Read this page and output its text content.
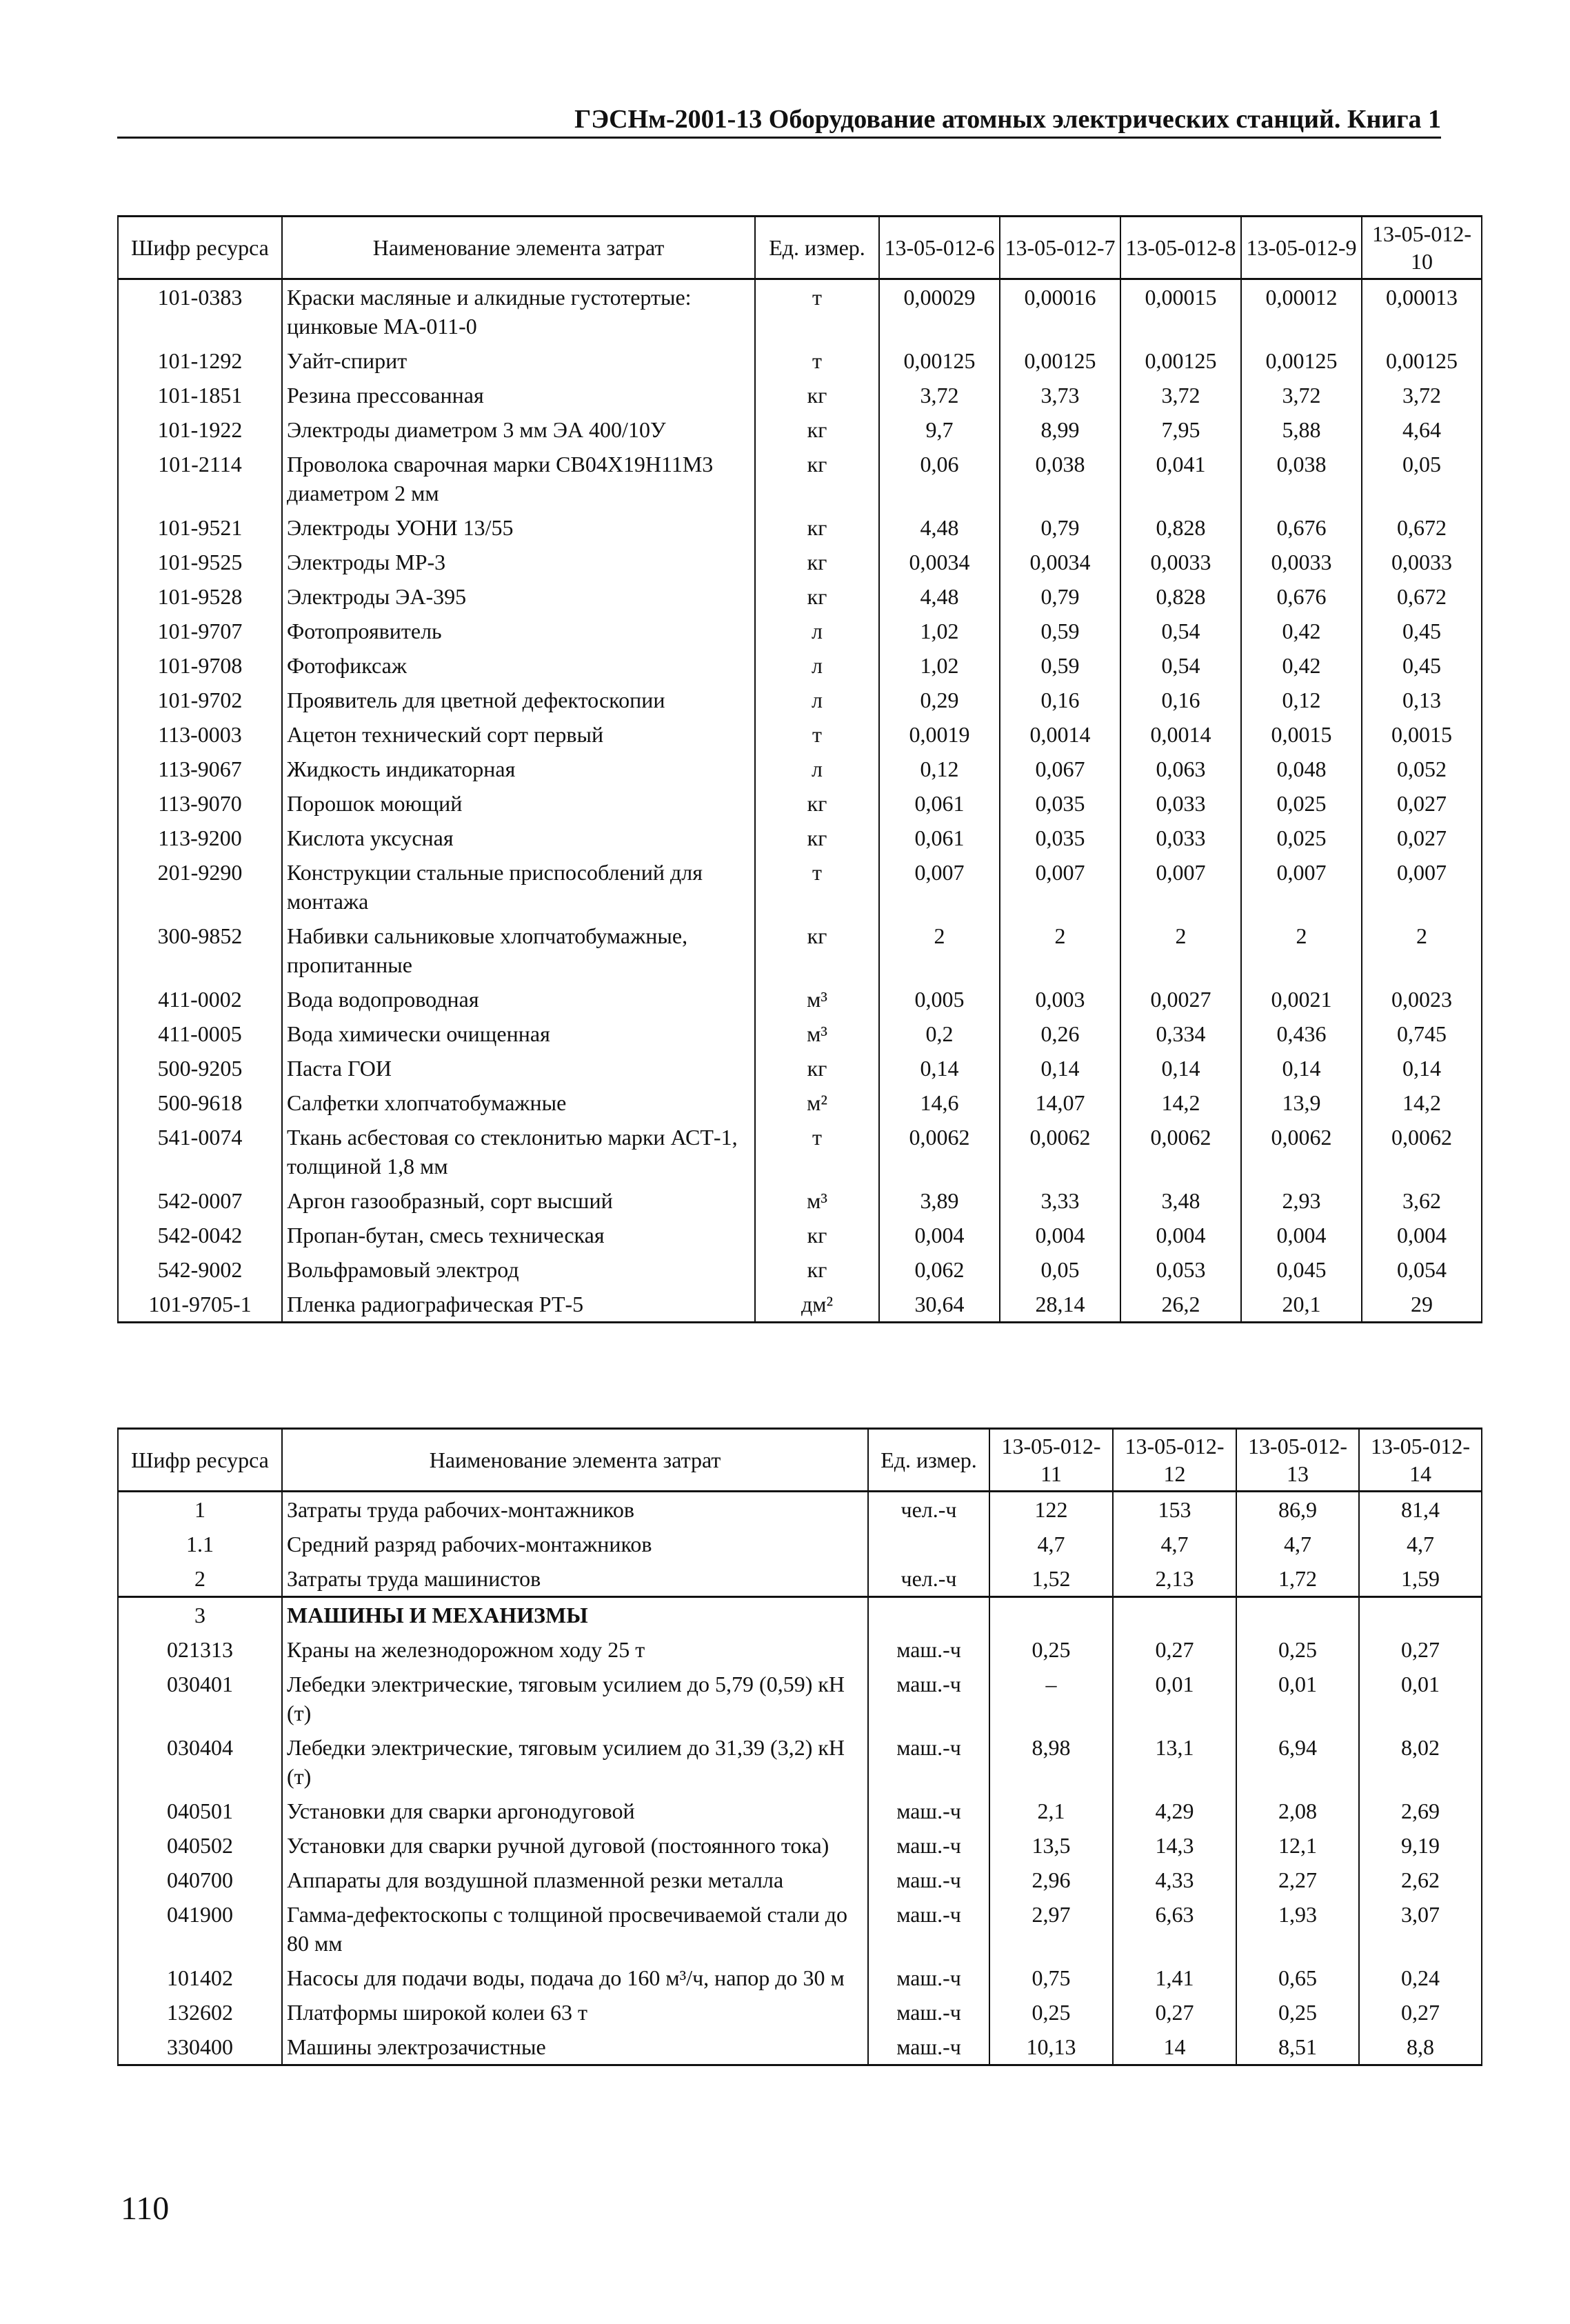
ГЭСНм-2001-13 Оборудование атомных электрических станций. Книга 1
Шифр ресурса	Наименование элемента затрат	Ед. измер.	13-05-012-6	13-05-012-7	13-05-012-8	13-05-012-9	13-05-012-10
101-0383	Краски масляные и алкидные густотертые: цинковые МА-011-0	т	0,00029	0,00016	0,00015	0,00012	0,00013
101-1292	Уайт-спирит	т	0,00125	0,00125	0,00125	0,00125	0,00125
101-1851	Резина прессованная	кг	3,72	3,73	3,72	3,72	3,72
101-1922	Электроды диаметром 3 мм ЭА 400/10У	кг	9,7	8,99	7,95	5,88	4,64
101-2114	Проволока сварочная марки СВ04Х19Н11М3 диаметром 2 мм	кг	0,06	0,038	0,041	0,038	0,05
101-9521	Электроды УОНИ 13/55	кг	4,48	0,79	0,828	0,676	0,672
101-9525	Электроды МР-3	кг	0,0034	0,0034	0,0033	0,0033	0,0033
101-9528	Электроды ЭА-395	кг	4,48	0,79	0,828	0,676	0,672
101-9707	Фотопроявитель	л	1,02	0,59	0,54	0,42	0,45
101-9708	Фотофиксаж	л	1,02	0,59	0,54	0,42	0,45
101-9702	Проявитель для цветной дефектоскопии	л	0,29	0,16	0,16	0,12	0,13
113-0003	Ацетон технический сорт первый	т	0,0019	0,0014	0,0014	0,0015	0,0015
113-9067	Жидкость индикаторная	л	0,12	0,067	0,063	0,048	0,052
113-9070	Порошок моющий	кг	0,061	0,035	0,033	0,025	0,027
113-9200	Кислота уксусная	кг	0,061	0,035	0,033	0,025	0,027
201-9290	Конструкции стальные приспособлений для монтажа	т	0,007	0,007	0,007	0,007	0,007
300-9852	Набивки сальниковые хлопчатобумажные, пропитанные	кг	2	2	2	2	2
411-0002	Вода водопроводная	м³	0,005	0,003	0,0027	0,0021	0,0023
411-0005	Вода химически очищенная	м³	0,2	0,26	0,334	0,436	0,745
500-9205	Паста ГОИ	кг	0,14	0,14	0,14	0,14	0,14
500-9618	Салфетки хлопчатобумажные	м²	14,6	14,07	14,2	13,9	14,2
541-0074	Ткань асбестовая со стеклонитью марки АСТ-1, толщиной 1,8 мм	т	0,0062	0,0062	0,0062	0,0062	0,0062
542-0007	Аргон газообразный, сорт высший	м³	3,89	3,33	3,48	2,93	3,62
542-0042	Пропан-бутан, смесь техническая	кг	0,004	0,004	0,004	0,004	0,004
542-9002	Вольфрамовый электрод	кг	0,062	0,05	0,053	0,045	0,054
101-9705-1	Пленка радиографическая РТ-5	дм²	30,64	28,14	26,2	20,1	29
Шифр ресурса	Наименование элемента затрат	Ед. измер.	13-05-012-11	13-05-012-12	13-05-012-13	13-05-012-14
1	Затраты труда рабочих-монтажников	чел.-ч	122	153	86,9	81,4
1.1	Средний разряд рабочих-монтажников		4,7	4,7	4,7	4,7
2	Затраты труда машинистов	чел.-ч	1,52	2,13	1,72	1,59
3	МАШИНЫ И МЕХАНИЗМЫ					
021313	Краны на железнодорожном ходу 25 т	маш.-ч	0,25	0,27	0,25	0,27
030401	Лебедки электрические, тяговым усилием до 5,79 (0,59) кН (т)	маш.-ч	–	0,01	0,01	0,01
030404	Лебедки электрические, тяговым усилием до 31,39 (3,2) кН (т)	маш.-ч	8,98	13,1	6,94	8,02
040501	Установки для сварки аргонодуговой	маш.-ч	2,1	4,29	2,08	2,69
040502	Установки для сварки ручной дуговой (постоянного тока)	маш.-ч	13,5	14,3	12,1	9,19
040700	Аппараты для воздушной плазменной резки металла	маш.-ч	2,96	4,33	2,27	2,62
041900	Гамма-дефектоскопы с толщиной просвечиваемой стали до 80 мм	маш.-ч	2,97	6,63	1,93	3,07
101402	Насосы для подачи воды, подача до 160 м³/ч, напор до 30 м	маш.-ч	0,75	1,41	0,65	0,24
132602	Платформы широкой колеи 63 т	маш.-ч	0,25	0,27	0,25	0,27
330400	Машины электрозачистные	маш.-ч	10,13	14	8,51	8,8
110
